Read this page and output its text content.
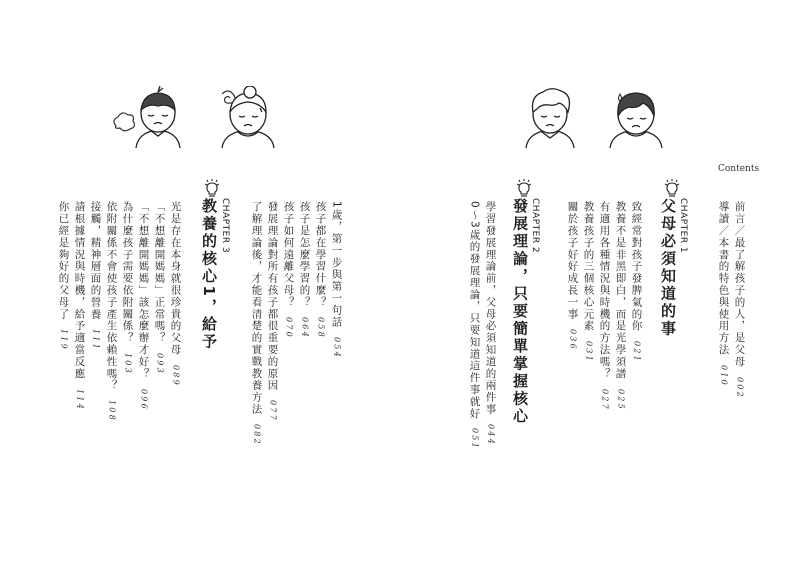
CHAPTER 3
教養的核心1，給予
光是存在本身就很珍貴的父母089
「不想離開媽媽」正常嗎？093
「不想離開媽媽」該怎麼辦才好？096
為什麼孩子需要依附關係？103
依附關係不會使孩子產生依賴性嗎？108
接觸，精神層面的營養111
請根據情況與時機，給予適當反應114
你已經是夠好的父母了119
1歲，第一步與第一句話054
孩子都在學習什麼？058
孩子是怎麼學習的？064
孩子如何遠離父母？070
發展理論對所有孩子都很重要的原因077
了解理論後，才能看清楚的實戰教養方法082
Contents
前言／最了解孩子的人，是父母002
導讀／本書的特色與使用方法010
CHAPTER 1
父母必須知道的事
致經常對孩子發脾氣的你021
教養不是非黑即白，而是光學須譜025
有適用各種情況與時機的方法嗎？027
教養孩子的三個核心元素031
關於孩子好好成長一事036
CHAPTER 2
發展理論，只要簡單掌握核心
學習發展理論前，父母必須知道的兩件事044
0～3歲的發展理論，只要知道這件事就好051
